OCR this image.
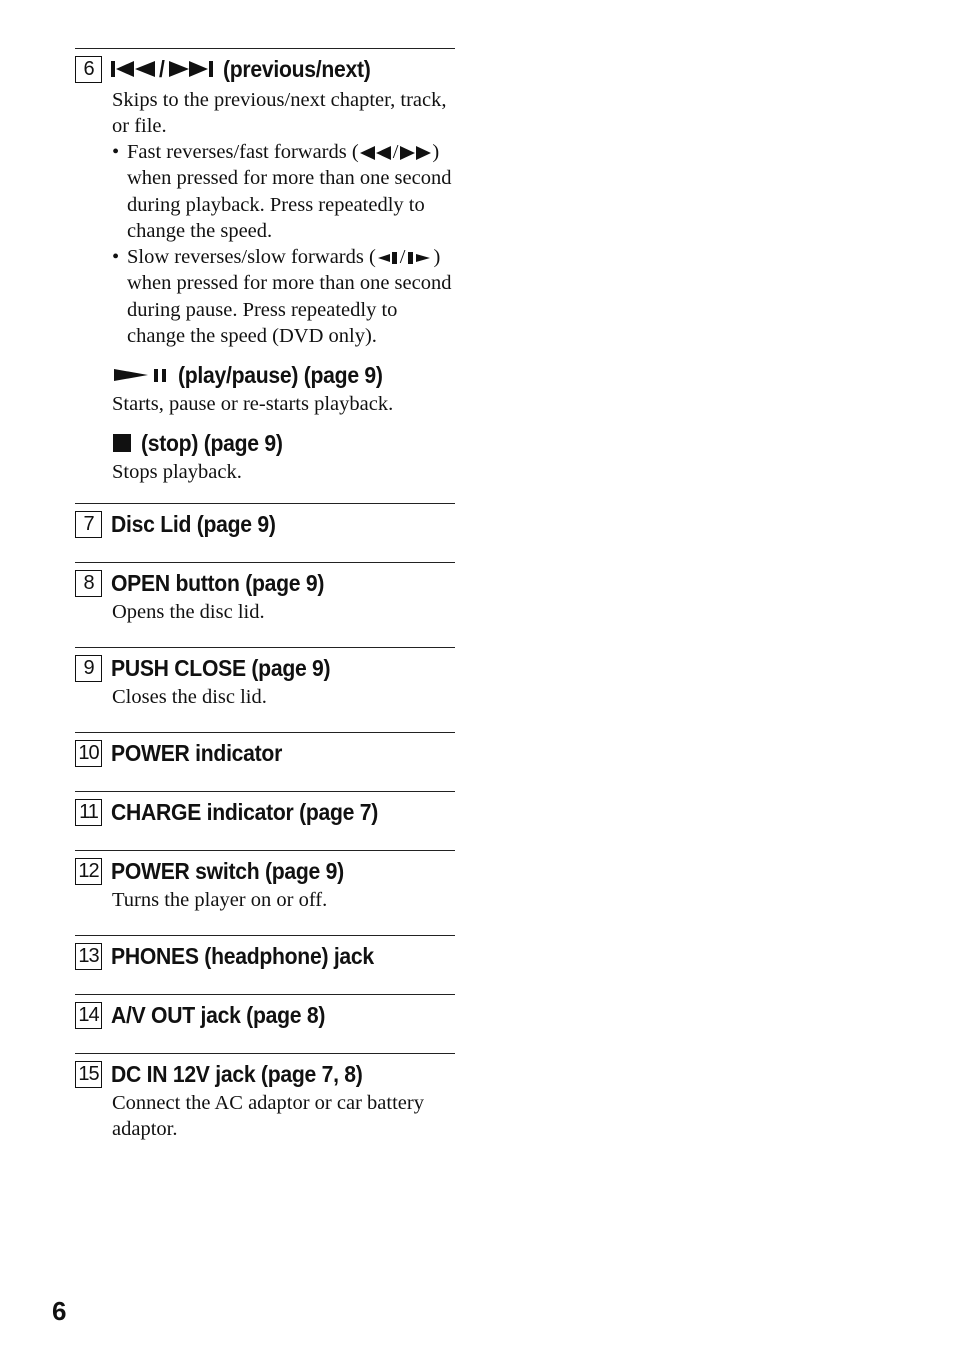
6	/	(previous/next)
Skips to the previous/next chapter, track, or file.
• Fast reverses/fast forwards ( / ) when pressed for more than one second during playback. Press repeatedly to change the speed.
• Slow reverses/slow forwards ( / ) when pressed for more than one second during pause. Press repeatedly to change the speed (DVD only).
(play/pause) (page 9)
Starts, pause or re-starts playback.
(stop) (page 9)
Stops playback.
7 Disc Lid (page 9)
8 OPEN button (page 9)
Opens the disc lid.
9 PUSH CLOSE (page 9)
Closes the disc lid.
10 POWER indicator
11 CHARGE indicator (page 7)
12 POWER switch (page 9)
Turns the player on or off.
13 PHONES (headphone) jack
14 A/V OUT jack (page 8)
15 DC IN 12V jack (page 7, 8)
Connect the AC adaptor or car battery adaptor.
6
